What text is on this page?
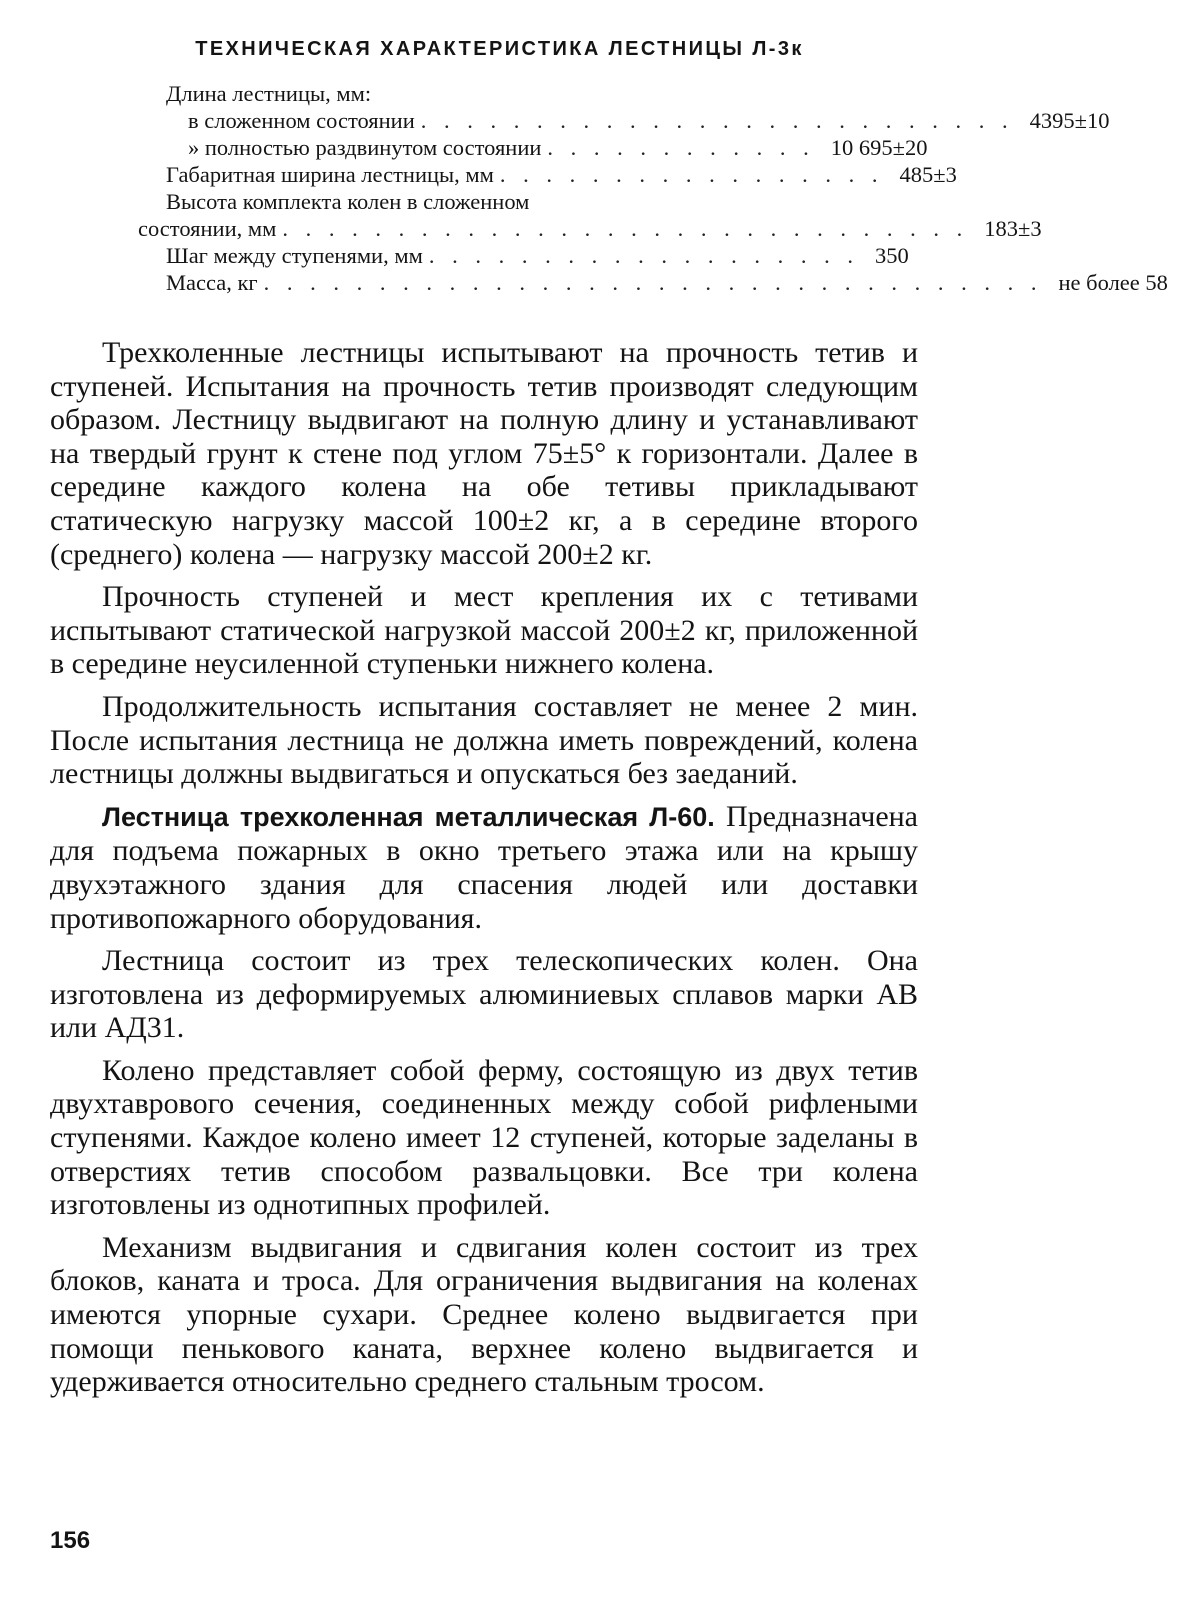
ТЕХНИЧЕСКАЯ ХАРАКТЕРИСТИКА ЛЕСТНИЦЫ Л-3к
Длина лестницы, мм:
в сложенном состоянии . . . . . . . . . . . . . . . . . . . . . . . . . . 4395±10
» полностью раздвинутом состоянии . . . . . . . . . . . . 10 695±20
Габаритная ширина лестницы, мм . . . . . . . . . . . . . . . . . 485±3
Высота комплекта колен в сложенном
состоянии, мм . . . . . . . . . . . . . . . . . . . . . . . . . . . . . . 183±3
Шаг между ступенями, мм . . . . . . . . . . . . . . . . . . . 350
Масса, кг . . . . . . . . . . . . . . . . . . . . . . . . . . . . . . . . . . не более 58

Трехколенные лестницы испытывают на прочность тетив и ступеней. Испытания на прочность тетив производят следующим образом. Лестницу выдвигают на полную длину и устанавливают на твердый грунт к стене под углом 75±5° к горизонтали. Далее в середине каждого колена на обе тетивы прикладывают статическую нагрузку массой 100±2 кг, а в середине второго (среднего) колена — нагрузку массой 200±2 кг.

Прочность ступеней и мест крепления их с тетивами испытывают статической нагрузкой массой 200±2 кг, приложенной в середине неусиленной ступеньки нижнего колена.

Продолжительность испытания составляет не менее 2 мин. После испытания лестница не должна иметь повреждений, колена лестницы должны выдвигаться и опускаться без заеданий.

Лестница трехколенная металлическая Л-60. Предназначена для подъема пожарных в окно третьего этажа или на крышу двухэтажного здания для спасения людей или доставки противопожарного оборудования.

Лестница состоит из трех телескопических колен. Она изготовлена из деформируемых алюминиевых сплавов марки АВ или АД31.

Колено представляет собой ферму, состоящую из двух тетив двухтаврового сечения, соединенных между собой рифлеными ступенями. Каждое колено имеет 12 ступеней, которые заделаны в отверстиях тетив способом развальцовки. Все три колена изготовлены из однотипных профилей.

Механизм выдвигания и сдвигания колен состоит из трех блоков, каната и троса. Для ограничения выдвигания на коленах имеются упорные сухари. Среднее колено выдвигается при помощи пенькового каната, верхнее колено выдвигается и удерживается относительно среднего стальным тросом.

156
